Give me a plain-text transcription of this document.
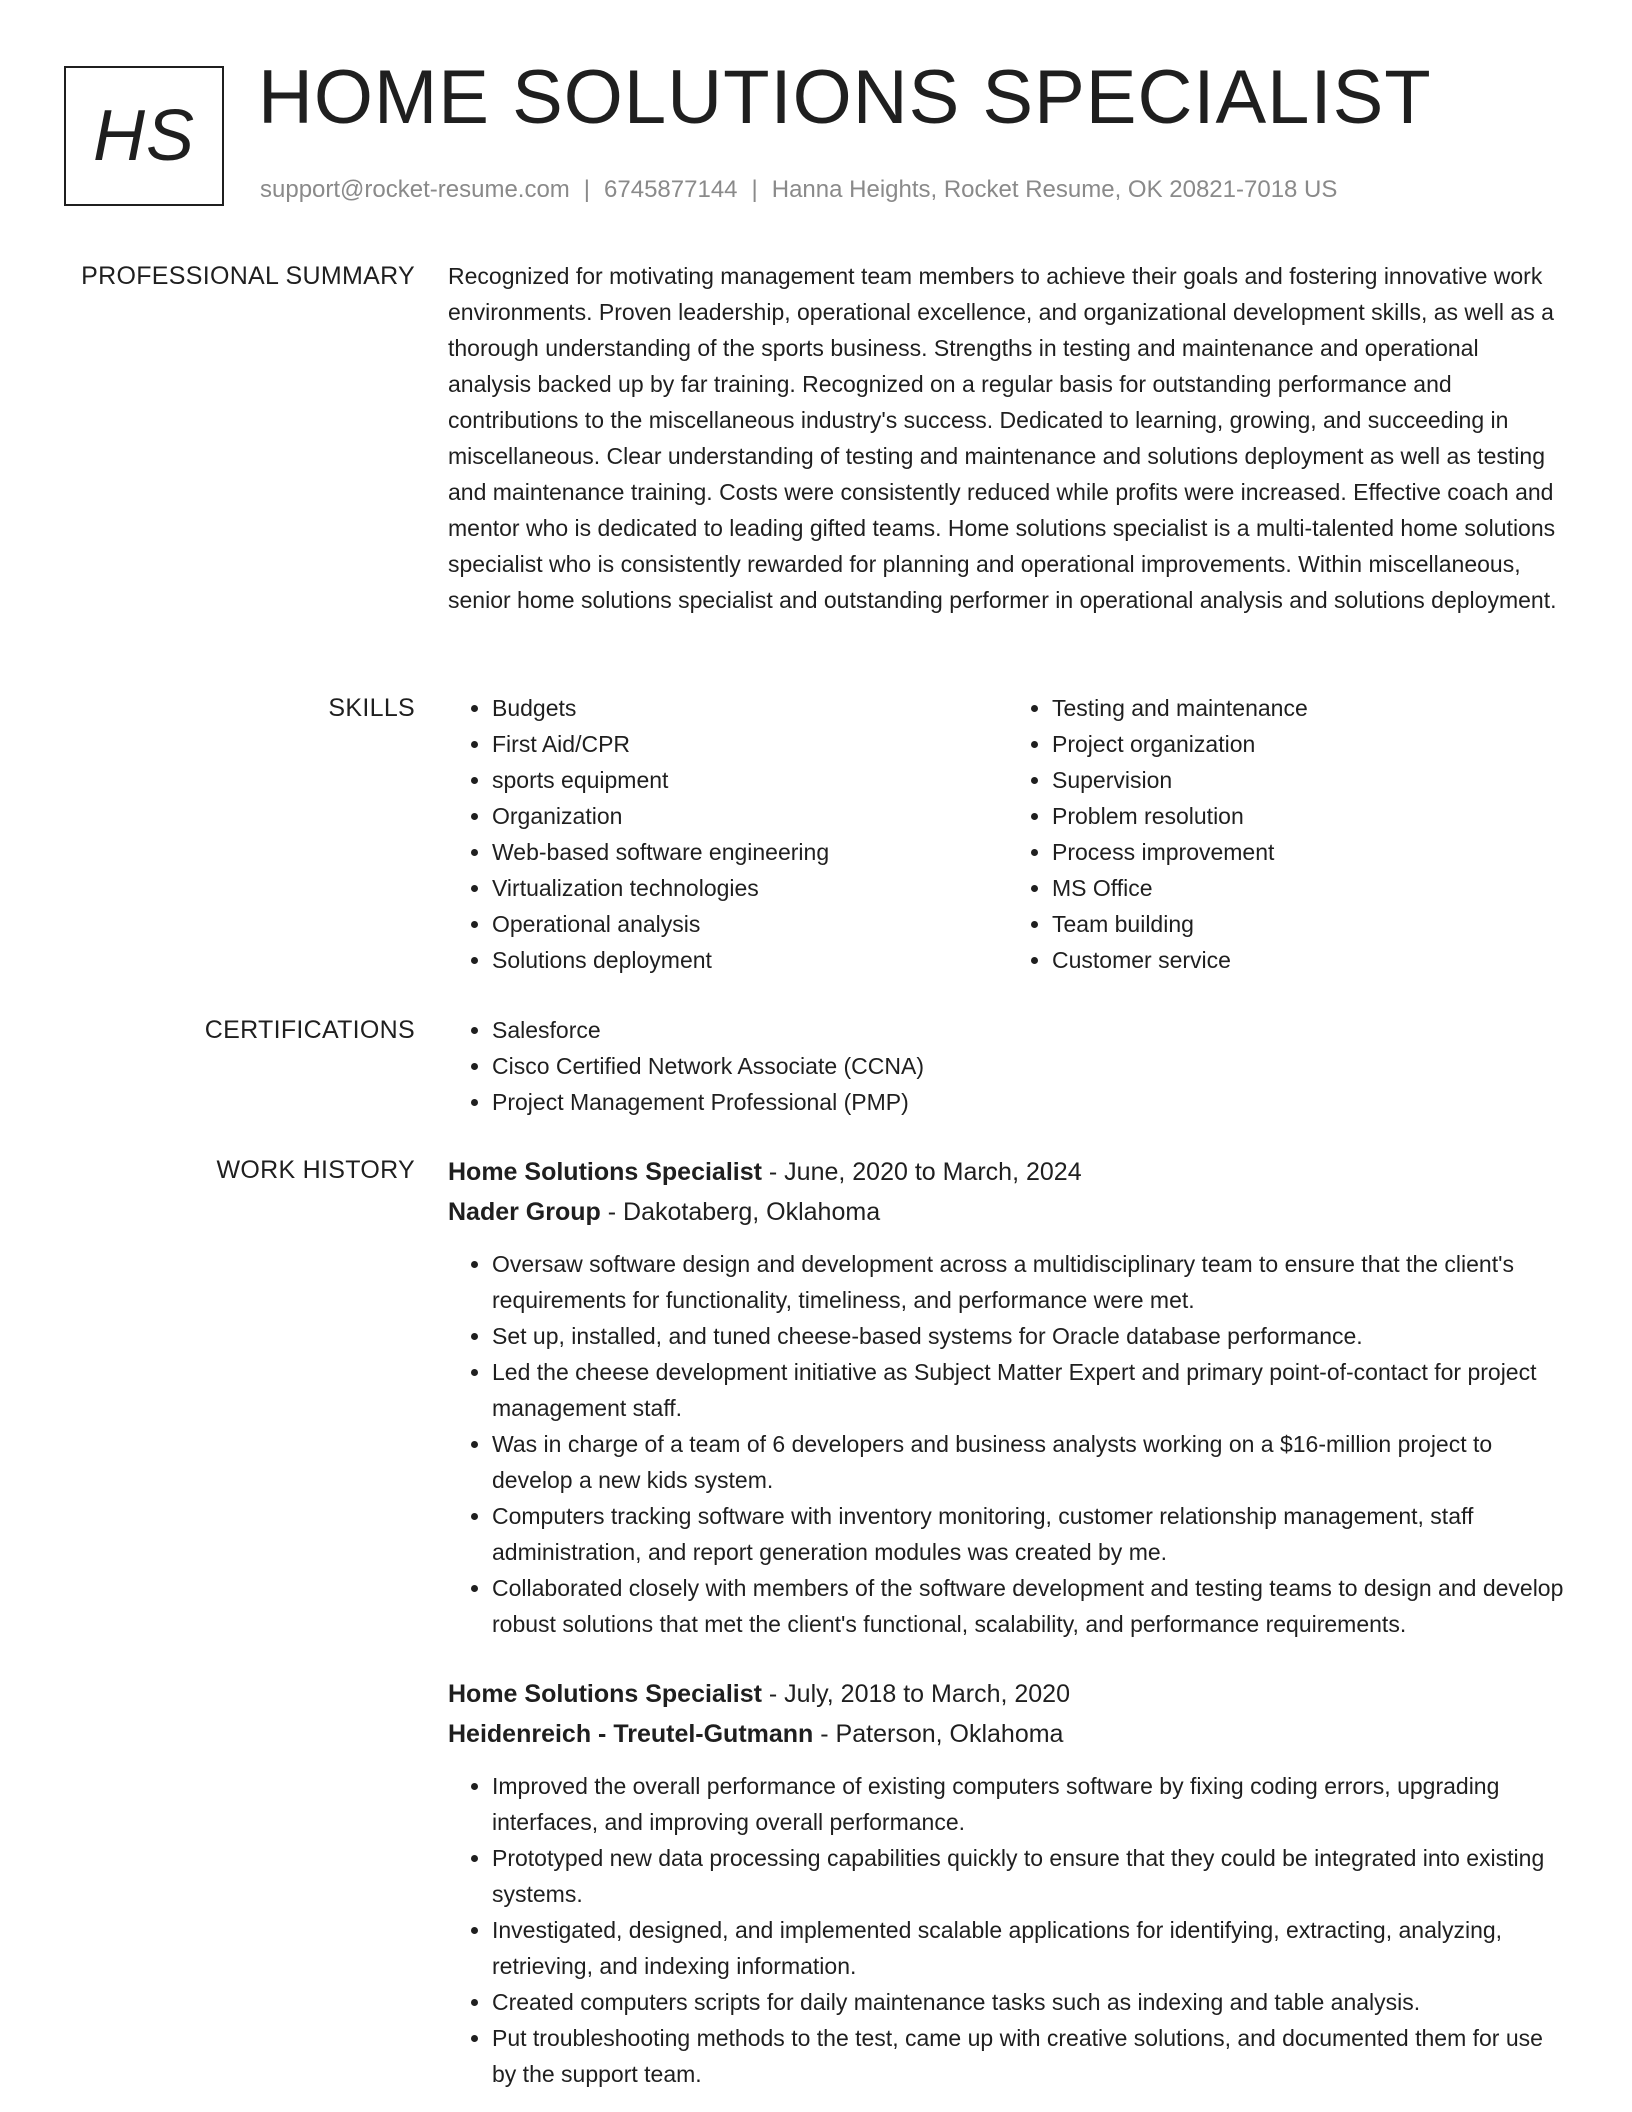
HS HOME SOLUTIONS SPECIALIST
support@rocket-resume.com | 6745877144 | Hanna Heights, Rocket Resume, OK 20821-7018 US
PROFESSIONAL SUMMARY Recognized for motivating management team members to achieve their goals and fostering innovative work environments. Proven leadership, operational excellence, and organizational development skills, as well as a thorough understanding of the sports business. Strengths in testing and maintenance and operational analysis backed up by far training. Recognized on a regular basis for outstanding performance and contributions to the miscellaneous industry's success. Dedicated to learning, growing, and succeeding in miscellaneous. Clear understanding of testing and maintenance and solutions deployment as well as testing and maintenance training. Costs were consistently reduced while profits were increased. Effective coach and mentor who is dedicated to leading gifted teams. Home solutions specialist is a multi-talented home solutions specialist who is consistently rewarded for planning and operational improvements. Within miscellaneous, senior home solutions specialist and outstanding performer in operational analysis and solutions deployment.

SKILLS	• Budgets
• First Aid/CPR
• sports equipment
• Organization
• Web-based software engineering
• Virtualization technologies
• Operational analysis
• Solutions deployment
• Testing and maintenance
• Project organization
• Supervision
• Problem resolution
• Process improvement
• MS Office
• Team building
• Customer service
CERTIFICATIONS	• Salesforce
• Cisco Certified Network Associate (CCNA)
• Project Management Professional (PMP)
WORK HISTORY Home Solutions Specialist - June, 2020 to March, 2024
Nader Group - Dakotaberg, Oklahoma
• Oversaw software design and development across a multidisciplinary team to ensure that the client's requirements for functionality, timeliness, and performance were met.
• Set up, installed, and tuned cheese-based systems for Oracle database performance.
• Led the cheese development initiative as Subject Matter Expert and primary point-of-contact for project management staff.
• Was in charge of a team of 6 developers and business analysts working on a $16-million project to develop a new kids system.
• Computers tracking software with inventory monitoring, customer relationship management, staff administration, and report generation modules was created by me.
• Collaborated closely with members of the software development and testing teams to design and develop robust solutions that met the client's functional, scalability, and performance requirements.
Home Solutions Specialist - July, 2018 to March, 2020
Heidenreich - Treutel-Gutmann - Paterson, Oklahoma
• Improved the overall performance of existing computers software by fixing coding errors, upgrading interfaces, and improving overall performance.
• Prototyped new data processing capabilities quickly to ensure that they could be integrated into existing systems.
• Investigated, designed, and implemented scalable applications for identifying, extracting, analyzing, retrieving, and indexing information.
• Created computers scripts for daily maintenance tasks such as indexing and table analysis.
• Put troubleshooting methods to the test, came up with creative solutions, and documented them for use by the support team.
